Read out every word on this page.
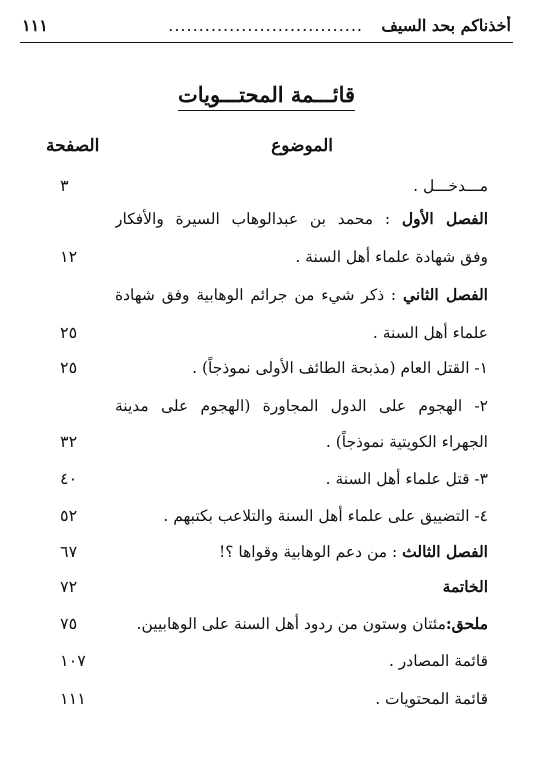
أخذناكم بحد السيف
................................
١١١
قائـــمة المحتـــويات
الموضوع
الصفحة
مـــدخـــل .
٣
الفصل الأول : محمد بن عبدالوهاب السيرة والأفكار
وفق شهادة علماء أهل السنة .
١٢
الفصل الثاني : ذكر شيء من جرائم الوهابية وفق شهادة
علماء أهل السنة .
٢٥
١- القتل العام (مذبحة الطائف الأولى نموذجاً) .
٢٥
٢- الهجوم على الدول المجاورة (الهجوم على مدينة
الجهراء الكويتية نموذجاً) .
٣٢
٣- قتل علماء أهل السنة .
٤٠
٤- التضييق على علماء أهل السنة والتلاعب بكتبهم .
٥٢
الفصل الثالث : من دعم الوهابية وقواها ؟!
٦٧
الخاتمة
٧٢
ملحق:مئتان وستون من ردود أهل السنة على الوهابيين.
٧٥
قائمة المصادر .
١٠٧
قائمة المحتويات .
١١١
